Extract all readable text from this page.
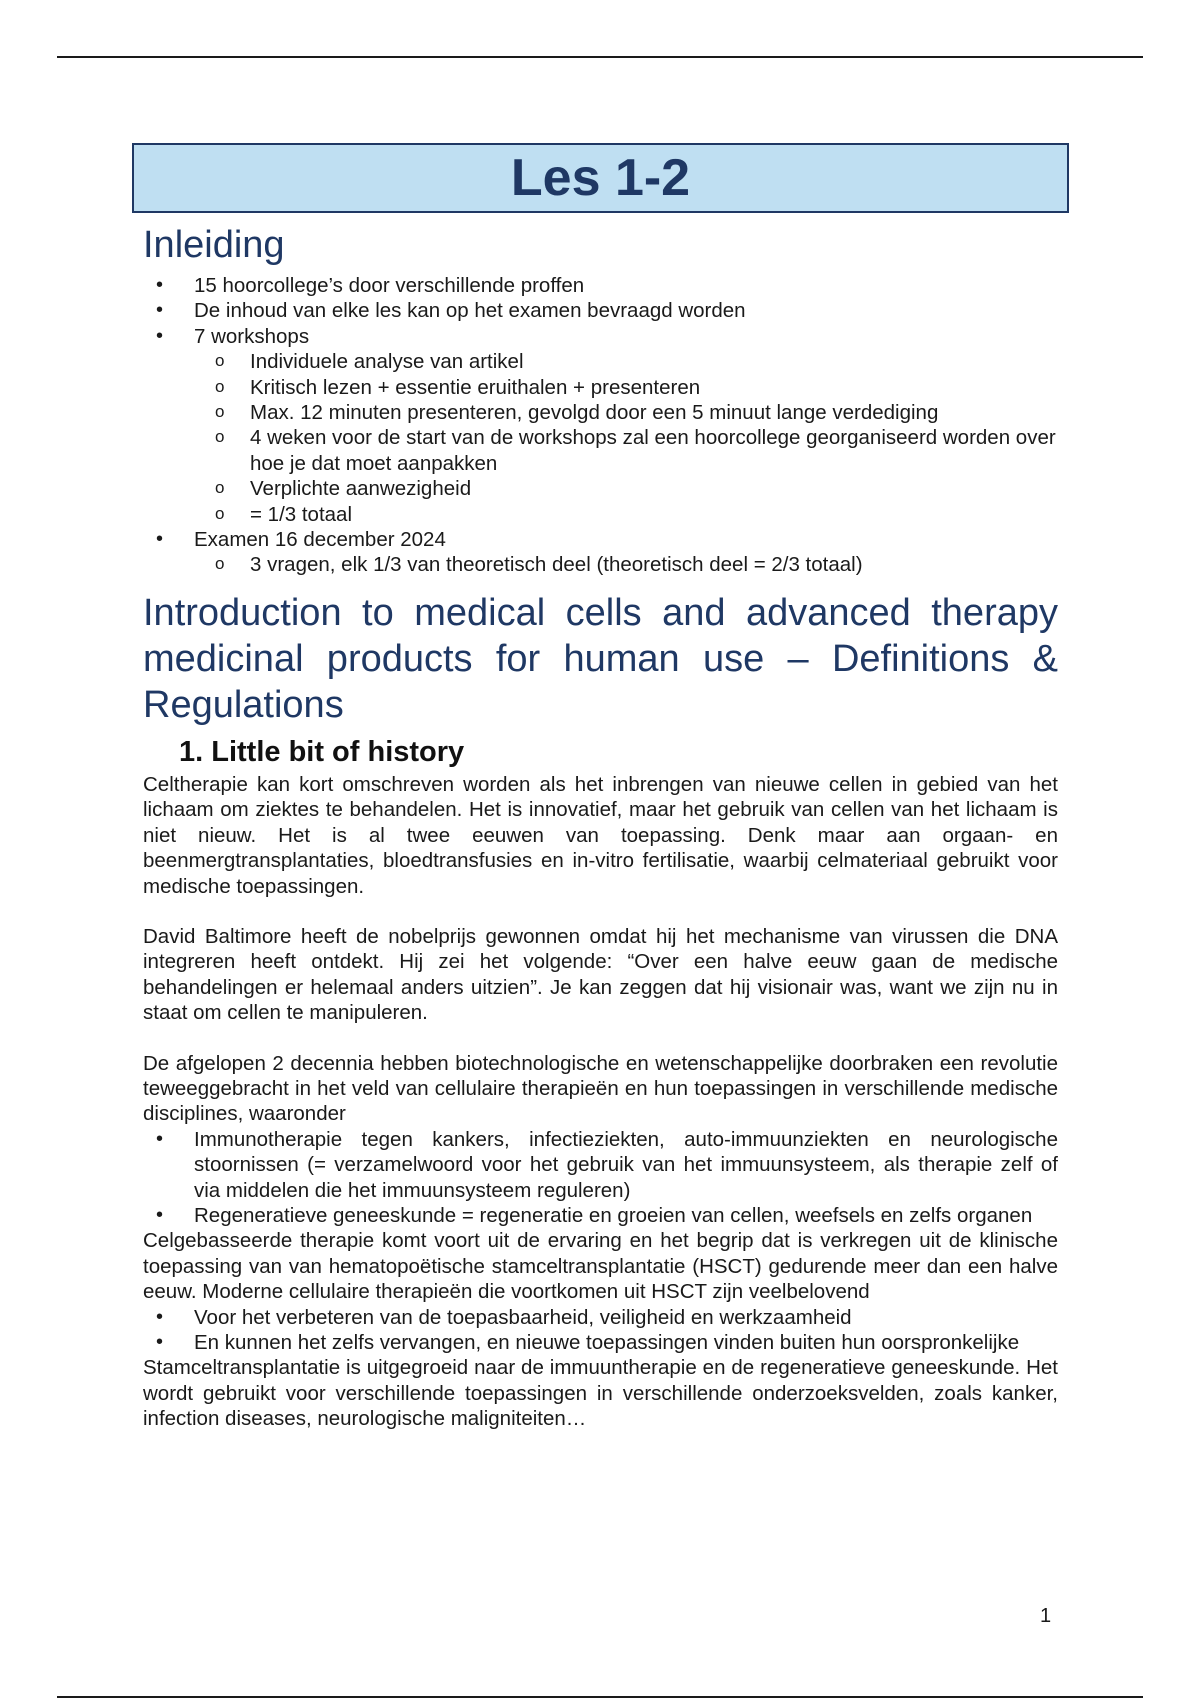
Les 1-2
Inleiding
• 15 hoorcollege’s door verschillende proffen
• De inhoud van elke les kan op het examen bevraagd worden
• 7 workshops
o Individuele analyse van artikel
o Kritisch lezen + essentie eruithalen + presenteren
o Max. 12 minuten presenteren, gevolgd door een 5 minuut lange verdediging
o 4 weken voor de start van de workshops zal een hoorcollege georganiseerd worden over hoe je dat moet aanpakken
o Verplichte aanwezigheid
o = 1/3 totaal
• Examen 16 december 2024
o 3 vragen, elk 1/3 van theoretisch deel (theoretisch deel = 2/3 totaal)
Introduction to medical cells and advanced therapy medicinal products for human use – Definitions & Regulations
1. Little bit of history

Celtherapie kan kort omschreven worden als het inbrengen van nieuwe cellen in gebied van het lichaam om ziektes te behandelen. Het is innovatief, maar het gebruik van cellen van het lichaam is niet nieuw. Het is al twee eeuwen van toepassing. Denk maar aan orgaan- en beenmergtransplantaties, bloedtransfusies en in-vitro fertilisatie, waarbij celmateriaal gebruikt voor medische toepassingen.

David Baltimore heeft de nobelprijs gewonnen omdat hij het mechanisme van virussen die DNA integreren heeft ontdekt. Hij zei het volgende: “Over een halve eeuw gaan de medische behandelingen er helemaal anders uitzien”. Je kan zeggen dat hij visionair was, want we zijn nu in staat om cellen te manipuleren.

De afgelopen 2 decennia hebben biotechnologische en wetenschappelijke doorbraken een revolutie teweeggebracht in het veld van cellulaire therapieën en hun toepassingen in verschillende medische disciplines, waaronder

• Immunotherapie tegen kankers, infectieziekten, auto-immuunziekten en neurologische stoornissen (= verzamelwoord voor het gebruik van het immuunsysteem, als therapie zelf of via middelen die het immuunsysteem reguleren)
• Regeneratieve geneeskunde = regeneratie en groeien van cellen, weefsels en zelfs organen

Celgebasseerde therapie komt voort uit de ervaring en het begrip dat is verkregen uit de klinische toepassing van van hematopoëtische stamceltransplantatie (HSCT) gedurende meer dan een halve eeuw. Moderne cellulaire therapieën die voortkomen uit HSCT zijn veelbelovend

• Voor het verbeteren van de toepasbaarheid, veiligheid en werkzaamheid
• En kunnen het zelfs vervangen, en nieuwe toepassingen vinden buiten hun oorspronkelijke

Stamceltransplantatie is uitgegroeid naar de immuuntherapie en de regeneratieve geneeskunde. Het wordt gebruikt voor verschillende toepassingen in verschillende onderzoeksvelden, zoals kanker, infection diseases, neurologische maligniteiten…

1
